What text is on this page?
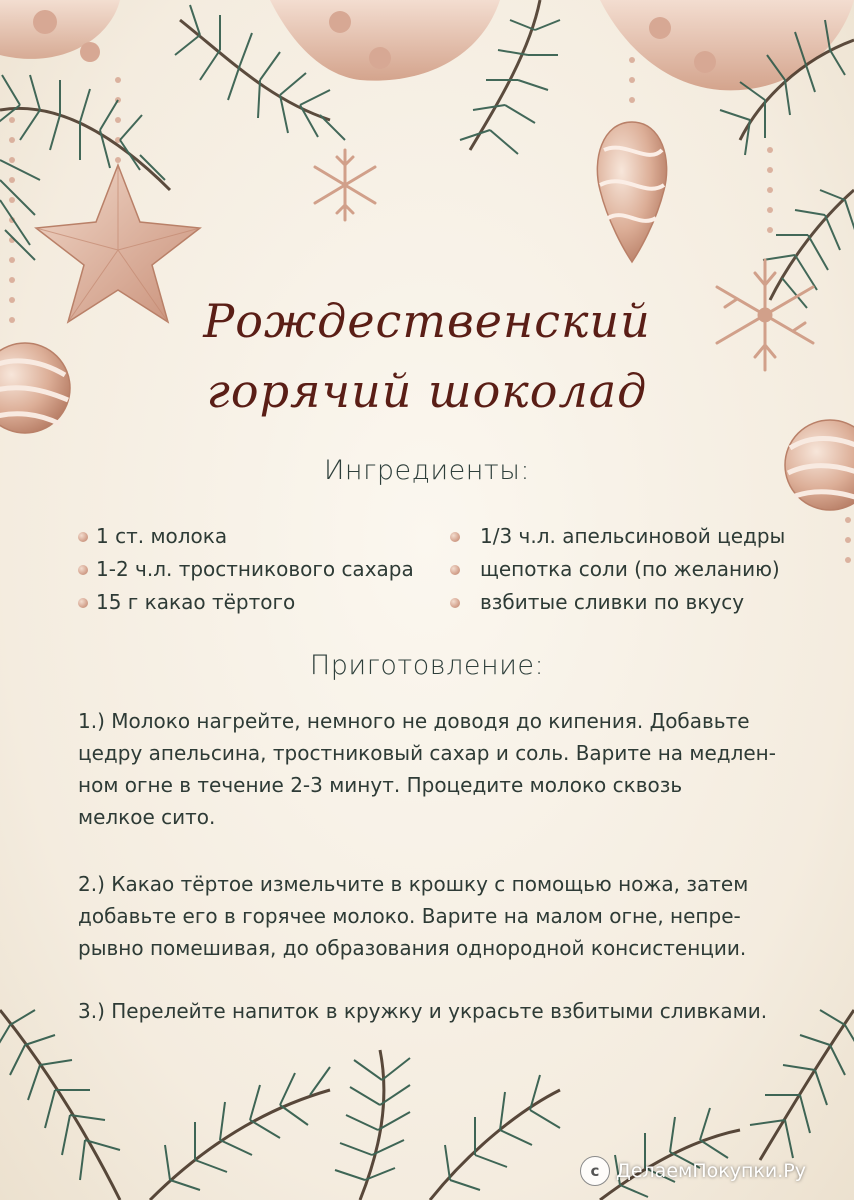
Рождественский
горячий шоколад
Ингредиенты:
1 ст. молока
1-2 ч.л. тростникового сахара
15 г какао тёртого
1/3 ч.л. апельсиновой цедры
щепотка соли (по желанию)
взбитые сливки по вкусу
Приготовление:

1.) Молоко нагрейте, немного не доводя до кипения. Добавьте
цедру апельсина, тростниковый сахар и соль. Варите на медлен-
ном огне в течение 2-3 минут. Процедите молоко сквозь
мелкое сито.

2.) Какао тёртое измельчите в крошку с помощью ножа, затем
добавьте его в горячее молоко. Варите на малом огне, непре-
рывно помешивая, до образования однородной консистенции.

3.) Перелейте напиток в кружку и украсьте взбитыми сливками.

с ДелаемПокупки.Ру
